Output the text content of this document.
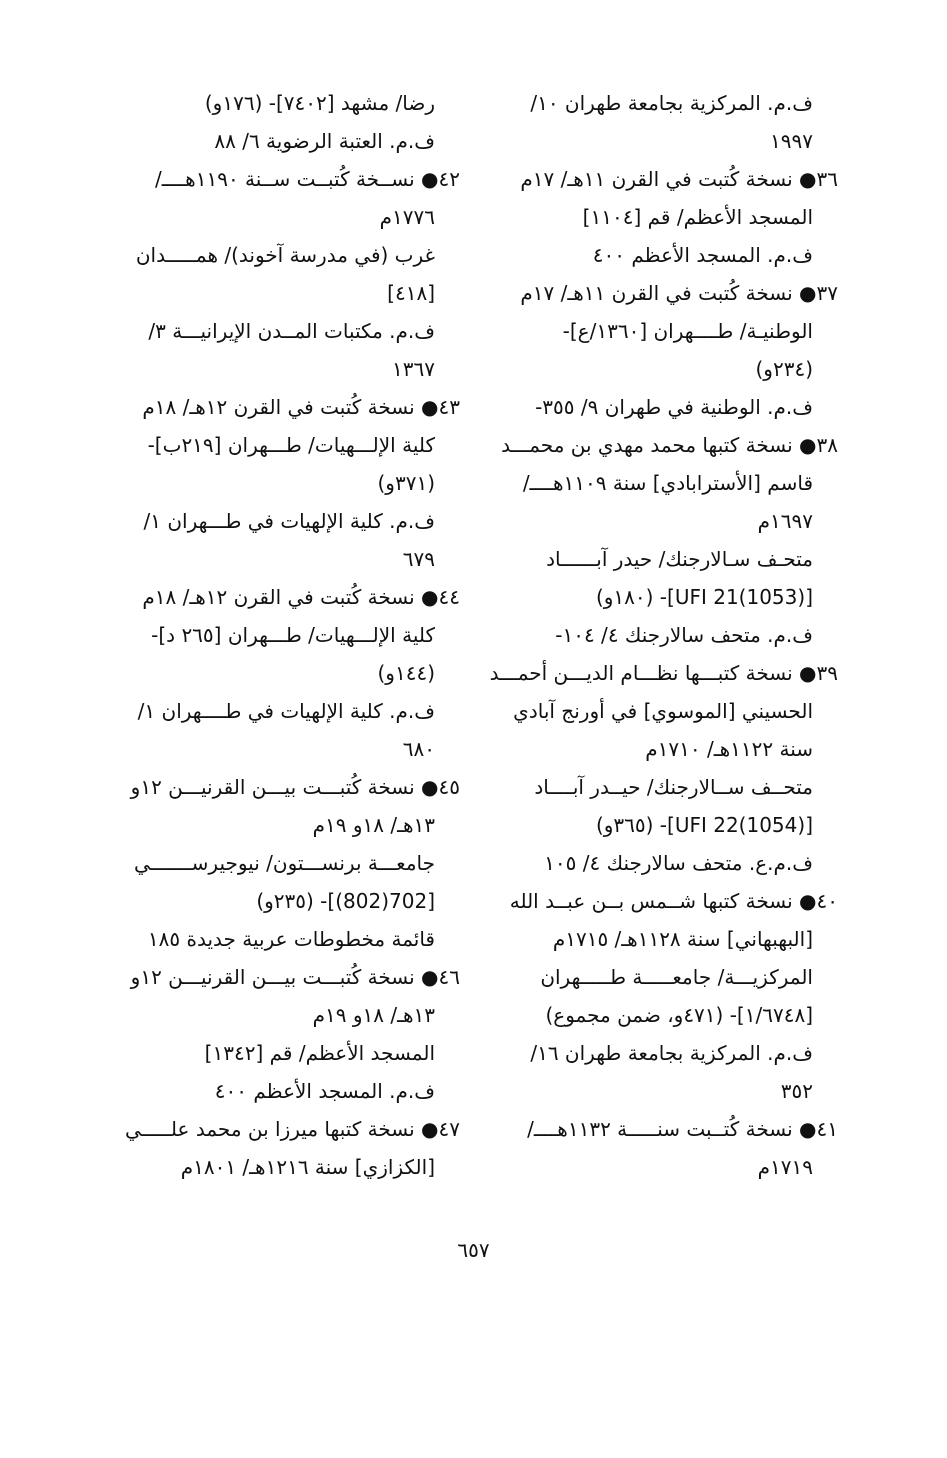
ف.م. المركزية بجامعة طهران ١٠/
١٩٩٧
٣٦● نسخة كُتبت في القرن ١١هـ/ ١٧م
المسجد الأعظم/ قم [١١٠٤]
ف.م. المسجد الأعظم ٤٠٠
٣٧● نسخة كُتبت في القرن ١١هـ/ ١٧م
الوطنيـة/ طــــهران [١٣٦٠/ع]-
(٢٣٤و)
ف.م. الوطنية في طهران ٩/ ٣٥٥-
٣٨● نسخة كتبها محمد مهدي بن محمـــد
قاسم [الأسترابادي] سنة ١١٠٩هــــ/
١٦٩٧م
متحـف سـالارجنك/ حيدر آبــــــاد
[UFI 21(1053)]- (١٨٠و)
ف.م. متحف سالارجنك ٤/ ١٠٤-
٣٩● نسخة كتبـــها نظـــام الديـــن أحمـــد
الحسيني [الموسوي] في أورنج آبادي
سنة ١١٢٢هـ/ ١٧١٠م
متحــف ســالارجنك/ حيــدر آبــــاد
[UFI 22(1054)]- (٣٦٥و)
ف.م.ع. متحف سالارجنك ٤/ ١٠٥
٤٠● نسخة كتبها شــمس بــن عبــد الله
[البهبهاني] سنة ١١٢٨هـ/ ١٧١٥م
المركزيـــة/ جامعـــــة طـــــهران
[١/٦٧٤٨]- (٤٧١و، ضمن مجموع)
ف.م. المركزية بجامعة طهران ١٦/
٣٥٢
٤١● نسخة كُتــبت سنـــــة ١١٣٢هــــ/
١٧١٩م
رضا/ مشهد [٧٤٠٢]- (١٧٦و)
ف.م. العتبة الرضوية ٦/ ٨٨
٤٢● نســخة كُتبــت ســنة ١١٩٠هــــ/
١٧٧٦م
غرب (في مدرسة آخوند)/ همـــــدان
[٤١٨]
ف.م. مكتبات المــدن الإيرانيـــة ٣/
١٣٦٧
٤٣● نسخة كُتبت في القرن ١٢هـ/ ١٨م
كلية الإلـــهيات/ طـــهران [٢١٩ب]-
(٣٧١و)
ف.م. كلية الإلهيات في طـــهران ١/
٦٧٩
٤٤● نسخة كُتبت في القرن ١٢هـ/ ١٨م
كلية الإلـــهيات/ طـــهران [٢٦٥ د]-
(١٤٤و)
ف.م. كلية الإلهيات في طــــهران ١/
٦٨٠
٤٥● نسخة كُتبـــت بيـــن القرنيـــن ١٢و
١٣هـ/ ١٨و ١٩م
جامعـــة برنســـتون/ نيوجيرســـــــي
[702(802)]- (٢٣٥و)
قائمة مخطوطات عربية جديدة ١٨٥
٤٦● نسخة كُتبـــت بيـــن القرنيـــن ١٢و
١٣هـ/ ١٨و ١٩م
المسجد الأعظم/ قم [١٣٤٢]
ف.م. المسجد الأعظم ٤٠٠
٤٧● نسخة كتبها ميرزا بن محمد علـــــي
[الكزازي] سنة ١٢١٦هـ/ ١٨٠١م
٦٥٧
